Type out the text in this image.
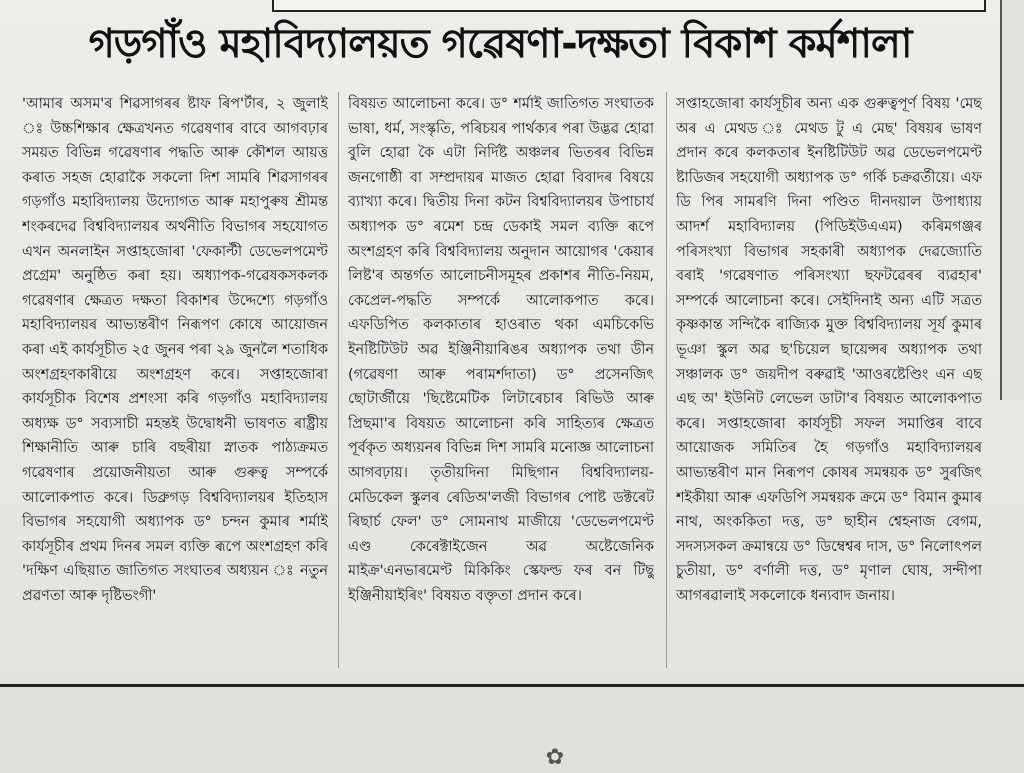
গড়গাঁও মহাবিদ্যালয়ত গৱেষণা-দক্ষতা বিকাশ কৰ্মশালা

'আমাৰ অসম'ৰ শিৱসাগৰৰ ষ্টাফ ৰিপ'ৰ্টাৰ, ২ জুলাই ঃ উচ্চশিক্ষাৰ ক্ষেত্ৰখনত গৱেষণাৰ বাবে আগবঢ়াৰ সময়ত বিভিন্ন গৱেষণাৰ পদ্ধতি আৰু কৌশল আয়ত্ত কৰাত সহজ হোৱাকৈ সকলো দিশ সামৰি শিৱসাগৰৰ গড়গাঁও মহাবিদ্যালয় উদ্যোগত আৰু মহাপুৰুষ শ্ৰীমন্ত শংকৰদেৱ বিশ্ববিদ্যালয়ৰ অৰ্থনীতি বিভাগৰ সহযোগত এখন অনলাইন সপ্তাহজোৰা 'ফেকাল্টী ডেভেলপমেণ্ট প্ৰগ্ৰেম' অনুষ্ঠিত কৰা হয়। অধ্যাপক-গৱেষকসকলক গৱেষণাৰ ক্ষেত্ৰত দক্ষতা বিকাশৰ উদ্দেশ্যে গড়গাঁও মহাবিদ্যালয়ৰ আভ্যন্তৰীণ নিৰূপণ কোষে আয়োজন কৰা এই কাৰ্যসূচীত ২৫ জুনৰ পৰা ২৯ জুনলৈ শতাধিক অংশগ্ৰহণকাৰীয়ে অংশগ্ৰহণ কৰে। সপ্তাহজোৰা কাৰ্যসূচীক বিশেষ প্ৰশংসা কৰি গড়গাঁও মহাবিদ্যালয় অধ্যক্ষ ড° সব্যসাচী মহন্তই উদ্বোধনী ভাষণত ৰাষ্ট্ৰীয় শিক্ষানীতি আৰু চাৰি বছৰীয়া স্নাতক পাঠ্যক্ৰমত গৱেষণাৰ প্ৰয়োজনীয়তা আৰু গুৰুত্ব সম্পৰ্কে আলোকপাত কৰে। ডিব্ৰুগড় বিশ্ববিদ্যালয়ৰ ইতিহাস বিভাগৰ সহযোগী অধ্যাপক ড° চন্দন কুমাৰ শৰ্মাই কাৰ্যসূচীৰ প্ৰথম দিনৰ সমল ব্যক্তি ৰূপে অংশগ্ৰহণ কৰি 'দক্ষিণ এছিয়াত জাতিগত সংঘাতৰ অধ্যয়ন ঃ নতুন প্ৰৱণতা আৰু দৃষ্টিভংগী'

বিষয়ত আলোচনা কৰে। ড° শৰ্মাই জাতিগত সংঘাতক ভাষা, ধৰ্ম, সংস্কৃতি, পৰিচয়ৰ পাৰ্থক্যৰ পৰা উদ্ভৱ হোৱা বুলি হোৱা কৈ এটা নিৰ্দিষ্ট অঞ্চলৰ ভিতৰৰ বিভিন্ন জনগোষ্ঠী বা সম্প্ৰদায়ৰ মাজত হোৱা বিবাদৰ বিষয়ে ব্যাখ্যা কৰে। দ্বিতীয় দিনা কটন বিশ্ববিদ্যালয়ৰ উপাচাৰ্য অধ্যাপক ড° ৰমেশ চন্দ্ৰ ডেকাই সমল ব্যক্তি ৰূপে অংশগ্ৰহণ কৰি বিশ্ববিদ্যালয় অনুদান আয়োগৰ 'কেয়াৰ লিষ্ট'ৰ অন্তৰ্গত আলোচনীসমূহৰ প্ৰকাশৰ নীতি-নিয়ম, কেপ্ৰেল-পদ্ধতি সম্পৰ্কে আলোকপাত কৰে। এফডিপিত কলকাতাৰ হাওৰাত থকা এমচিকেভি ইনষ্টিটিউট অৱ ইঞ্জিনীয়াৰিঙৰ অধ্যাপক তথা ডীন (গৱেষণা আৰু পৰামৰ্শদাতা) ড° প্ৰসেনজিৎ ছোটাৰ্জীয়ে 'ছিষ্টেমেটিক লিটাৰেচাৰ ৰিভিউ আৰু প্ৰিছমা'ৰ বিষয়ত আলোচনা কৰি সাহিত্যৰ ক্ষেত্ৰত পূৰ্বকৃত অধ্যয়নৰ বিভিন্ন দিশ সামৰি মনোজ্ঞ আলোচনা আগবঢ়ায়। তৃতীয়দিনা মিছিগান বিশ্ববিদ্যালয়-মেডিকেল স্কুলৰ ৰেডিঅ'লজী বিভাগৰ পোষ্ট ডক্টৰেট ৰিছাৰ্চ ফেল' ড° সোমনাথ মাজীয়ে 'ডেভেলপমেণ্ট এণ্ড কেৰেক্টাইজেন অৱ অষ্টেজেনিক মাইক্ৰ'এনভাৰমেণ্ট মিকিকিং স্কেফল্ড ফৰ বন টিছু ইঞ্জিনীয়াইৰিং' বিষয়ত বক্তৃতা প্ৰদান কৰে।

সপ্তাহজোৰা কাৰ্যসূচীৰ অন্য এক গুৰুত্বপূৰ্ণ বিষয় 'মেছ অৰ এ মেথড ঃ মেথড টু এ মেছ' বিষয়ৰ ভাষণ প্ৰদান কৰে কলকতাৰ ইনষ্টিটিউট অৱ ডেভেলপমেণ্ট ষ্টাডিজৰ সহযোগী অধ্যাপক ড° গৰ্কি চক্ৰৱৰ্তীয়ে। এফ ডি পিৰ সামৰণি দিনা পণ্ডিত দীনদয়াল উপাধ্যায় আদৰ্শ মহাবিদ্যালয় (পিডিইউএএম) কৰিমগঞ্জৰ পৰিসংখ্যা বিভাগৰ সহকাৰী অধ্যাপক দেৱজ্যোতি বৰাই 'গৱেষণাত পৰিসংখ্যা ছফটৱেৰৰ ব্যৱহাৰ' সম্পৰ্কে আলোচনা কৰে। সেইদিনাই অন্য এটি সত্ৰত কৃষ্ণকান্ত সন্দিকৈ ৰাজ্যিক মুক্ত বিশ্ববিদ্যালয় সূৰ্য কুমাৰ ভূঞা স্কুল অৱ ছ'চিয়েল ছায়েন্সৰ অধ্যাপক তথা সঞ্চালক ড° জয়দীপ বৰুৱাই 'আওৰষ্টেণ্ডিং এন এছ এছ অ' ইউনিট লেভেল ডাটা'ৰ বিষয়ত আলোকপাত কৰে। সপ্তাহজোৰা কাৰ্যসূচী সফল সমাপ্তিৰ বাবে আয়োজক সমিতিৰ হৈ গড়গাঁও মহাবিদ্যালয়ৰ আভ্যন্তৰীণ মান নিৰূপণ কোষৰ সমন্বয়ক ড° সুৰজিৎ শইকীয়া আৰু এফডিপি সমন্বয়ক ক্ৰমে ড° বিমান কুমাৰ নাথ, অংককিতা দত্ত, ড° ছাহীন শ্বেহনাজ বেগম, সদস্যসকল ক্ৰমান্বয়ে ড° ডিম্বেশ্বৰ দাস, ড° নিলোৎপল চুতীয়া, ড° বৰ্ণালী দত্ত, ড° মৃণাল ঘোষ, সন্দীপা আগৰৱালাই সকলোকে ধন্যবাদ জনায়।

✿
